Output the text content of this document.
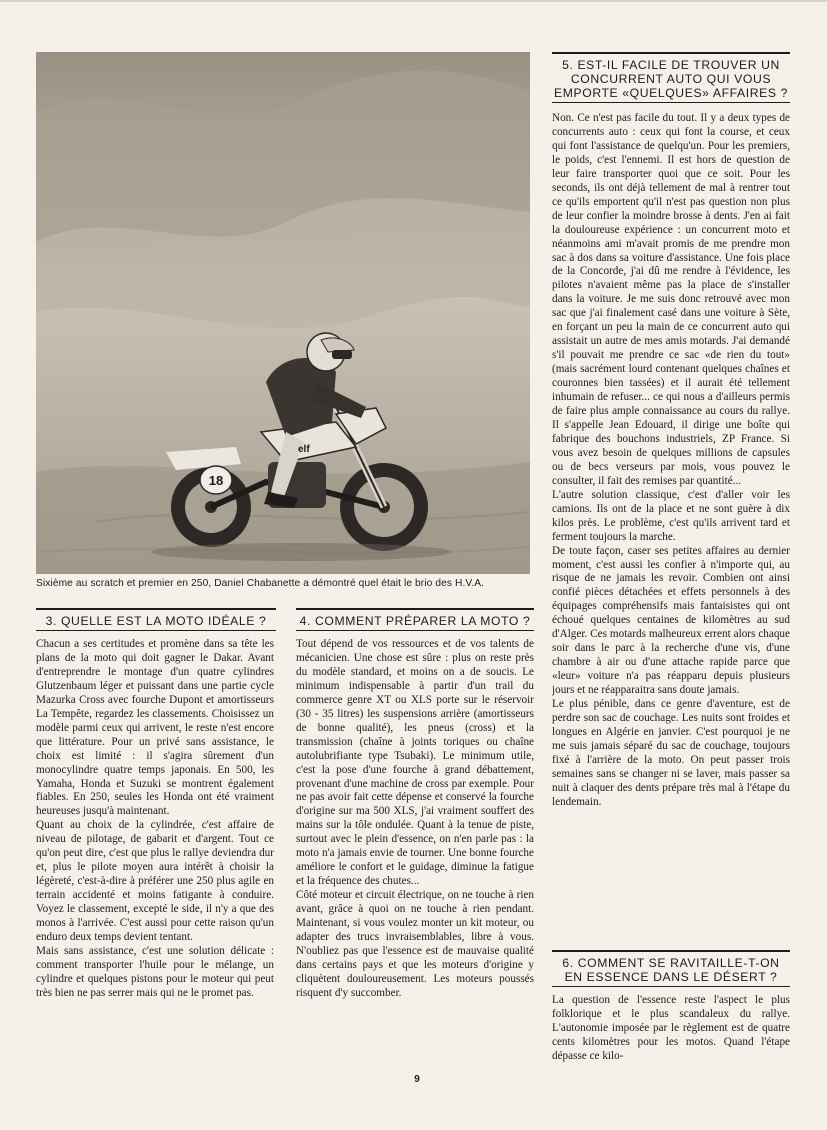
18
elf
Sixième au scratch et premier en 250, Daniel Chabanette a démontré quel était le brio des H.V.A.
3. QUELLE EST LA MOTO IDÉALE ?

Chacun a ses certitudes et promène dans sa tête les plans de la moto qui doit gagner le Dakar. Avant d'entreprendre le montage d'un quatre cylindres Glutzenbaum léger et puissant dans une partie cycle Mazurka Cross avec fourche Dupont et amortisseurs La Tempête, regardez les classements. Choisissez un modèle parmi ceux qui arrivent, le reste n'est encore que littérature. Pour un privé sans assistance, le choix est limité : il s'agira sûrement d'un monocylindre quatre temps japonais. En 500, les Yamaha, Honda et Suzuki se montrent également fiables. En 250, seules les Honda ont été vraiment heureuses jusqu'à maintenant.

Quant au choix de la cylindrée, c'est affaire de niveau de pilotage, de gabarit et d'argent. Tout ce qu'on peut dire, c'est que plus le rallye deviendra dur et, plus le pilote moyen aura intérêt à choisir la légèreté, c'est-à-dire à préférer une 250 plus agile en terrain accidenté et moins fatigante à conduire. Voyez le classement, excepté le side, il n'y a que des monos à l'arrivée. C'est aussi pour cette raison qu'un enduro deux temps devient tentant.

Mais sans assistance, c'est une solution délicate : comment transporter l'huile pour le mélange, un cylindre et quelques pistons pour le moteur qui peut très bien ne pas serrer mais qui ne le promet pas.

4. COMMENT PRÉPARER LA MOTO ?

Tout dépend de vos ressources et de vos talents de mécanicien. Une chose est sûre : plus on reste près du modèle standard, et moins on a de soucis. Le minimum indispensable à partir d'un trail du commerce genre XT ou XLS porte sur le réservoir (30 - 35 litres) les suspensions arrière (amortisseurs de bonne qualité), les pneus (cross) et la transmission (chaîne à joints toriques ou chaîne autolubrifiante type Tsubaki). Le minimum utile, c'est la pose d'une fourche à grand débattement, provenant d'une machine de cross par exemple. Pour ne pas avoir fait cette dépense et conservé la fourche d'origine sur ma 500 XLS, j'ai vraiment souffert des mains sur la tôle ondulée. Quant à la tenue de piste, surtout avec le plein d'essence, on n'en parle pas : la moto n'a jamais envie de tourner. Une bonne fourche améliore le confort et le guidage, diminue la fatigue et la fréquence des chutes...

Côté moteur et circuit électrique, on ne touche à rien avant, grâce à quoi on ne touche à rien pendant. Maintenant, si vous voulez monter un kit moteur, ou adapter des trucs invraisemblables, libre à vous. N'oubliez pas que l'essence est de mauvaise qualité dans certains pays et que les moteurs d'origine y cliquètent douloureusement. Les moteurs poussés risquent d'y succomber.

5. EST-IL FACILE DE TROUVER UN CONCURRENT AUTO QUI VOUS EMPORTE «QUELQUES» AFFAIRES ?

Non. Ce n'est pas facile du tout. Il y a deux types de concurrents auto : ceux qui font la course, et ceux qui font l'assistance de quelqu'un. Pour les premiers, le poids, c'est l'ennemi. Il est hors de question de leur faire transporter quoi que ce soit. Pour les seconds, ils ont déjà tellement de mal à rentrer tout ce qu'ils emportent qu'il n'est pas question non plus de leur confier la moindre brosse à dents. J'en ai fait la douloureuse expérience : un concurrent moto et néanmoins ami m'avait promis de me prendre mon sac à dos dans sa voiture d'assistance. Une fois place de la Concorde, j'ai dû me rendre à l'évidence, les pilotes n'avaient même pas la place de s'installer dans la voiture. Je me suis donc retrouvé avec mon sac que j'ai finalement casé dans une voiture à Sète, en forçant un peu la main de ce concurrent auto qui assistait un autre de mes amis motards. J'ai demandé s'il pouvait me prendre ce sac «de rien du tout» (mais sacrément lourd contenant quelques chaînes et couronnes bien tassées) et il aurait été tellement inhumain de refuser... ce qui nous a d'ailleurs permis de faire plus ample connaissance au cours du rallye. Il s'appelle Jean Edouard, il dirige une boîte qui fabrique des bouchons industriels, ZP France. Si vous avez besoin de quelques millions de capsules ou de becs verseurs par mois, vous pouvez le consulter, il fait des remises par quantité...

L'autre solution classique, c'est d'aller voir les camions. Ils ont de la place et ne sont guère à dix kilos près. Le problème, c'est qu'ils arrivent tard et ferment toujours la marche.

De toute façon, caser ses petites affaires au dernier moment, c'est aussi les confier à n'importe qui, au risque de ne jamais les revoir. Combien ont ainsi confié pièces détachées et effets personnels à des équipages compréhensifs mais fantaisistes qui ont échoué quelques centaines de kilomètres au sud d'Alger. Ces motards malheureux errent alors chaque soir dans le parc à la recherche d'une vis, d'une chambre à air ou d'une attache rapide parce que «leur» voiture n'a pas réapparu depuis plusieurs jours et ne réapparaitra sans doute jamais.

Le plus pénible, dans ce genre d'aventure, est de perdre son sac de couchage. Les nuits sont froides et longues en Algérie en janvier. C'est pourquoi je ne me suis jamais séparé du sac de couchage, toujours fixé à l'arrière de la moto. On peut passer trois semaines sans se changer ni se laver, mais passer sa nuit à claquer des dents prépare très mal à l'étape du lendemain.

6. COMMENT SE RAVITAILLE-T-ON EN ESSENCE DANS LE DÉSERT ?

La question de l'essence reste l'aspect le plus folklorique et le plus scandaleux du rallye. L'autonomie imposée par le règlement est de quatre cents kilomètres pour les motos. Quand l'étape dépasse ce kilo-

9
